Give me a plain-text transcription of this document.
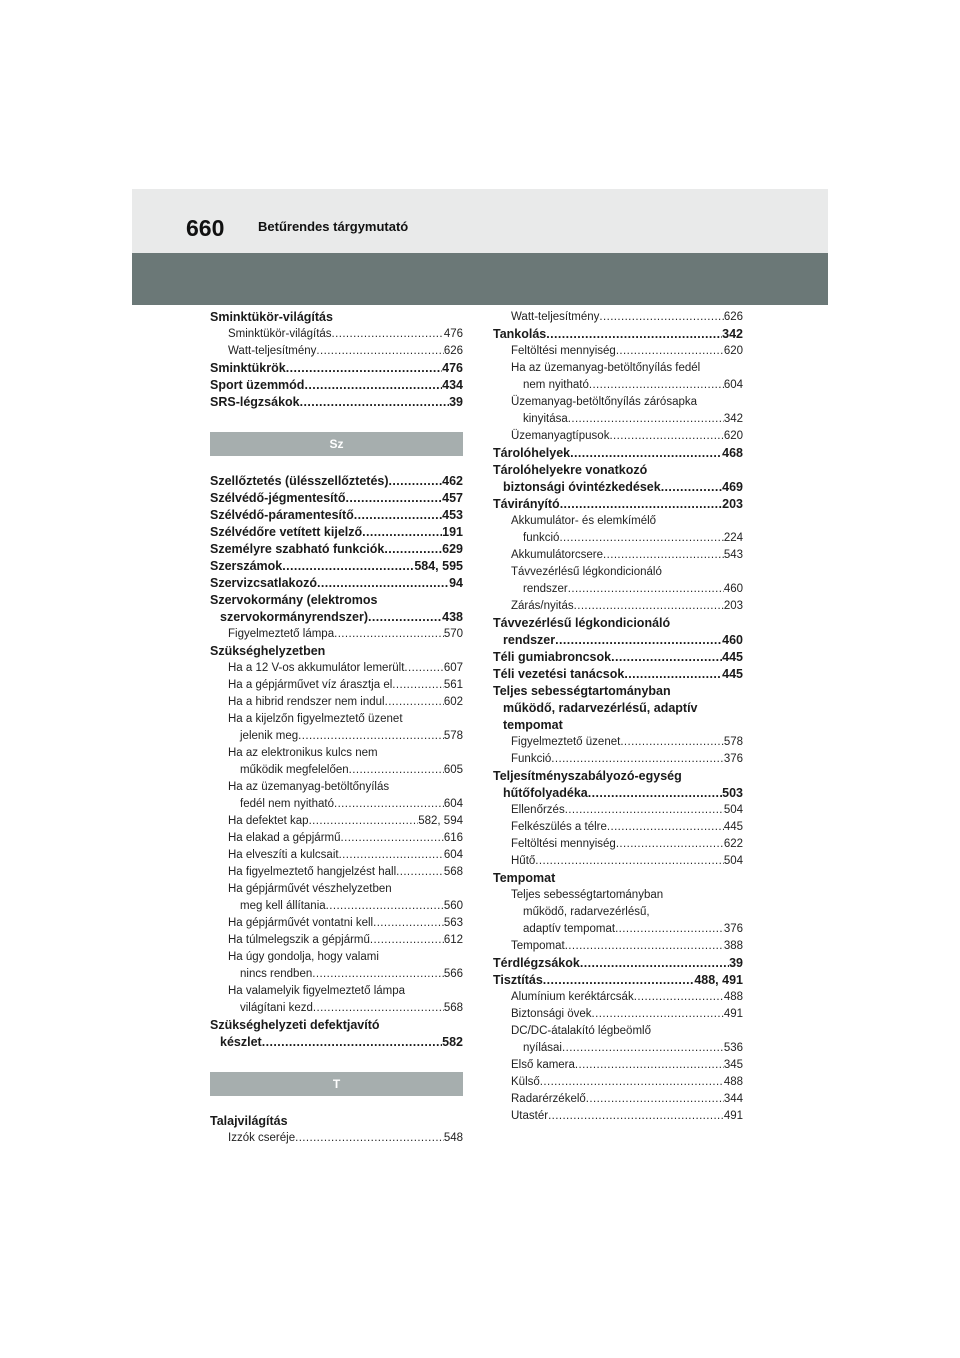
660	Betűrendes tárgymutató
Sminktükör-világítás
Sminktükör-világítás .....	476
Watt-teljesítmény .....	626
Sminktükrök .....	476
Sport üzemmód .....	434
SRS-légzsákok .....	39
Sz
Szellőztetés (ülésszellőztetés) .....	462
Szélvédő-jégmentesítő .....	457
Szélvédő-páramentesítő .....	453
Szélvédőre vetített kijelző .....	191
Személyre szabható funkciók .....	629
Szerszámok .....	584, 595
Szervizcsatlakozó .....	94
Szervokormány (elektromos
szervokormányrendszer) .....	438
Figyelmeztető lámpa .....	570
Szükséghelyzetben
Ha a 12 V-os akkumulátor lemerült .....	607
Ha a gépjárművet víz árasztja el .....	561
Ha a hibrid rendszer nem indul .....	602
Ha a kijelzőn figyelmeztető üzenet
jelenik meg .....	578
Ha az elektronikus kulcs nem
működik megfelelően .....	605
Ha az üzemanyag-betöltőnyílás
fedél nem nyitható .....	604
Ha defektet kap .....	582, 594
Ha elakad a gépjármű .....	616
Ha elveszíti a kulcsait .....	604
Ha figyelmeztető hangjelzést hall .....	568
Ha gépjárművét vészhelyzetben
meg kell állítania .....	560
Ha gépjárművét vontatni kell .....	563
Ha túlmelegszik a gépjármű .....	612
Ha úgy gondolja, hogy valami
nincs rendben .....	566
Ha valamelyik figyelmeztető lámpa
világítani kezd .....	568
Szükséghelyzeti defektjavító
készlet .....	582
T
Talajvilágítás
Izzók cseréje .....	548
Watt-teljesítmény .....	626
Tankolás .....	342
Feltöltési mennyiség .....	620
Ha az üzemanyag-betöltőnyílás fedél
nem nyitható .....	604
Üzemanyag-betöltőnyílás zárósapka
kinyitása .....	342
Üzemanyagtípusok .....	620
Tárolóhelyek .....	468
Tárolóhelyekre vonatkozó
biztonsági óvintézkedések .....	469
Távirányító .....	203
Akkumulátor- és elemkímélő
funkció .....	224
Akkumulátorcsere .....	543
Távvezérlésű légkondicionáló
rendszer .....	460
Zárás/nyitás .....	203
Távvezérlésű légkondicionáló
rendszer .....	460
Téli gumiabroncsok .....	445
Téli vezetési tanácsok .....	445
Teljes sebességtartományban
működő, radarvezérlésű, adaptív
tempomat
Figyelmeztető üzenet .....	578
Funkció .....	376
Teljesítményszabályozó-egység
hűtőfolyadéka .....	503
Ellenőrzés .....	504
Felkészülés a télre .....	445
Feltöltési mennyiség .....	622
Hűtő .....	504
Tempomat
Teljes sebességtartományban
működő, radarvezérlésű,
adaptív tempomat .....	376
Tempomat .....	388
Térdlégzsákok .....	39
Tisztítás .....	488, 491
Alumínium keréktárcsák .....	488
Biztonsági övek .....	491
DC/DC-átalakító légbeömlő
nyílásai .....	536
Első kamera .....	345
Külső .....	488
Radarérzékelő .....	344
Utastér .....	491
